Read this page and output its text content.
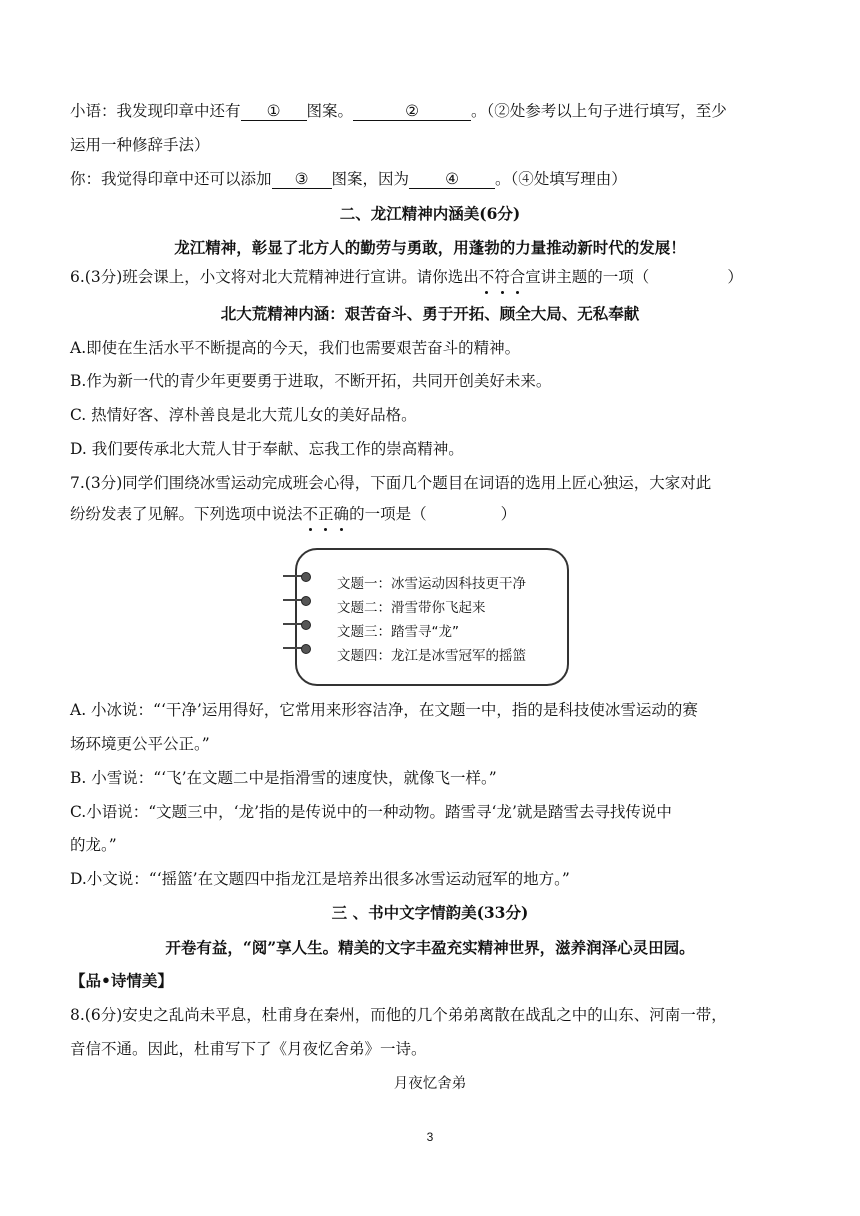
小语：我发现印章中还有 ① 图案。	②	。（②处参考以上句子进行填写，至少
运用一种修辞手法）
你：我觉得印章中还可以添加 ③ 图案，因为 ④ 。（④处填写理由）
二、龙江精神内涵美(6分)
龙江精神，彰显了北方人的勤劳与勇敢，用蓬勃的力量推动新时代的发展！
6.(3分)班会课上，小文将对北大荒精神进行宣讲。请你选出不符合宣讲主题的一项（	）
北大荒精神内涵：艰苦奋斗、勇于开拓、顾全大局、无私奉献
A.即使在生活水平不断提高的今天，我们也需要艰苦奋斗的精神。
B.作为新一代的青少年更要勇于进取，不断开拓，共同开创美好未来。
C. 热情好客、淳朴善良是北大荒儿女的美好品格。
D. 我们要传承北大荒人甘于奉献、忘我工作的崇高精神。
7.(3分)同学们围绕冰雪运动完成班会心得，下面几个题目在词语的选用上匠心独运，大家对此
纷纷发表了见解。下列选项中说法不正确的一项是（	）
文题一：冰雪运动因科技更干净
文题二：滑雪带你飞起来
文题三：踏雪寻“龙”
文题四：龙江是冰雪冠军的摇篮
A. 小冰说：“‘干净’运用得好，它常用来形容洁净，在文题一中，指的是科技使冰雪运动的赛
场环境更公平公正。”
B. 小雪说：“‘飞’在文题二中是指滑雪的速度快，就像飞一样。”
C.小语说：“文题三中，‘龙’指的是传说中的一种动物。踏雪寻‘龙’就是踏雪去寻找传说中
的龙。”
D.小文说：“‘摇篮’在文题四中指龙江是培养出很多冰雪运动冠军的地方。”
三 、书中文字情韵美(33分)
开卷有益，“阅”享人生。精美的文字丰盈充实精神世界，滋养润泽心灵田园。
【品•诗情美】
8.(6分)安史之乱尚未平息，杜甫身在秦州，而他的几个弟弟离散在战乱之中的山东、河南一带，
音信不通。因此，杜甫写下了《月夜忆舍弟》一诗。
月夜忆舍弟
3
